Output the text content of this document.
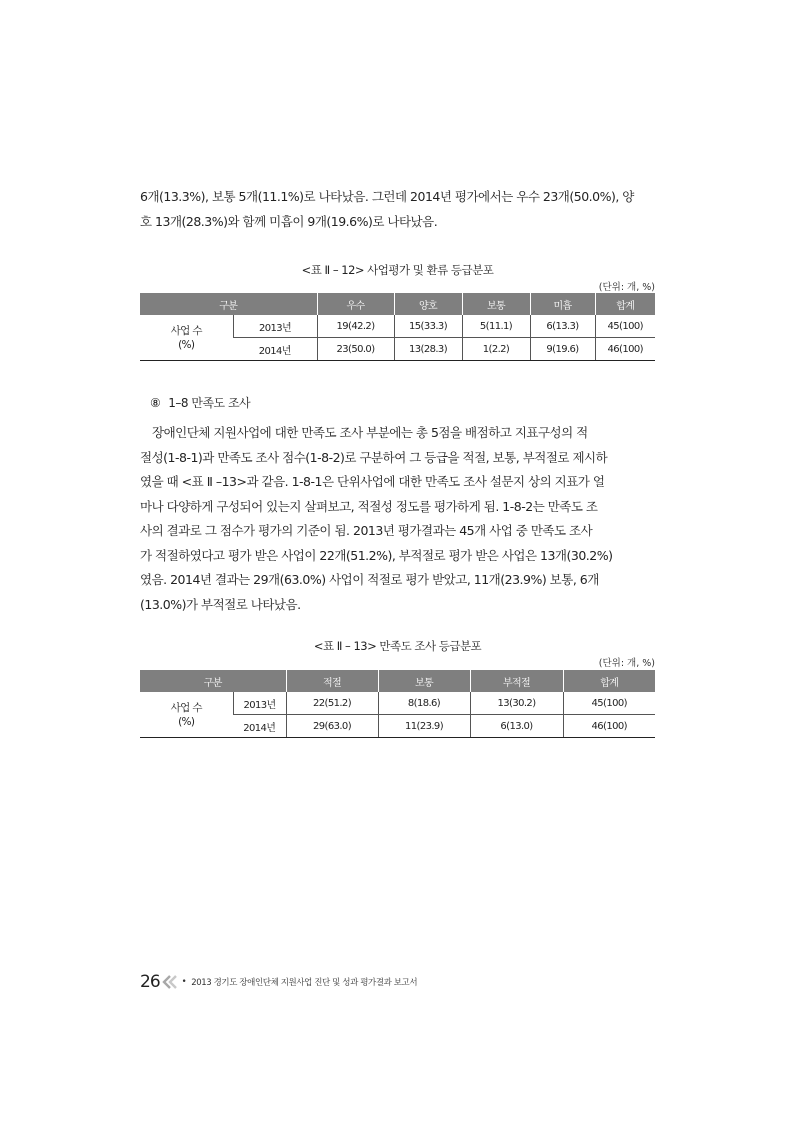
6개(13.3%), 보통 5개(11.1%)로 나타났음. 그런데 2014년 평가에서는 우수 23개(50.0%), 양
호 13개(28.3%)와 함께 미흡이 9개(19.6%)로 나타났음.
<표 Ⅱ – 12> 사업평가 및 환류 등급분포
(단위: 개, %)
구분		우수	양호	보통	미흡	합계
사업 수
(%)	2013년	19(42.2)	15(33.3)	5(11.1)	6(13.3)	45(100)
	2014년	23(50.0)	13(28.3)	1(2.2)	9(19.6)	46(100)
⑧ 1–8 만족도 조사
장애인단체 지원사업에 대한 만족도 조사 부분에는 총 5점을 배점하고 지표구성의 적
절성(1-8-1)과 만족도 조사 점수(1-8-2)로 구분하여 그 등급을 적절, 보통, 부적절로 제시하
였을 때 <표 Ⅱ –13>과 같음. 1-8-1은 단위사업에 대한 만족도 조사 설문지 상의 지표가 얼
마나 다양하게 구성되어 있는지 살펴보고, 적절성 정도를 평가하게 됨. 1-8-2는 만족도 조
사의 결과로 그 점수가 평가의 기준이 됨. 2013년 평가결과는 45개 사업 중 만족도 조사
가 적절하였다고 평가 받은 사업이 22개(51.2%), 부적절로 평가 받은 사업은 13개(30.2%)
였음. 2014년 결과는 29개(63.0%) 사업이 적절로 평가 받았고, 11개(23.9%) 보통, 6개
(13.0%)가 부적절로 나타났음.
<표 Ⅱ – 13> 만족도 조사 등급분포
(단위: 개, %)
구분		적절	보통	부적절	합계
사업 수
(%)	2013년	22(51.2)	8(18.6)	13(30.2)	45(100)
	2014년	29(63.0)	11(23.9)	6(13.0)	46(100)
26	• 2013 경기도 장애인단체 지원사업 진단 및 성과 평가결과 보고서
